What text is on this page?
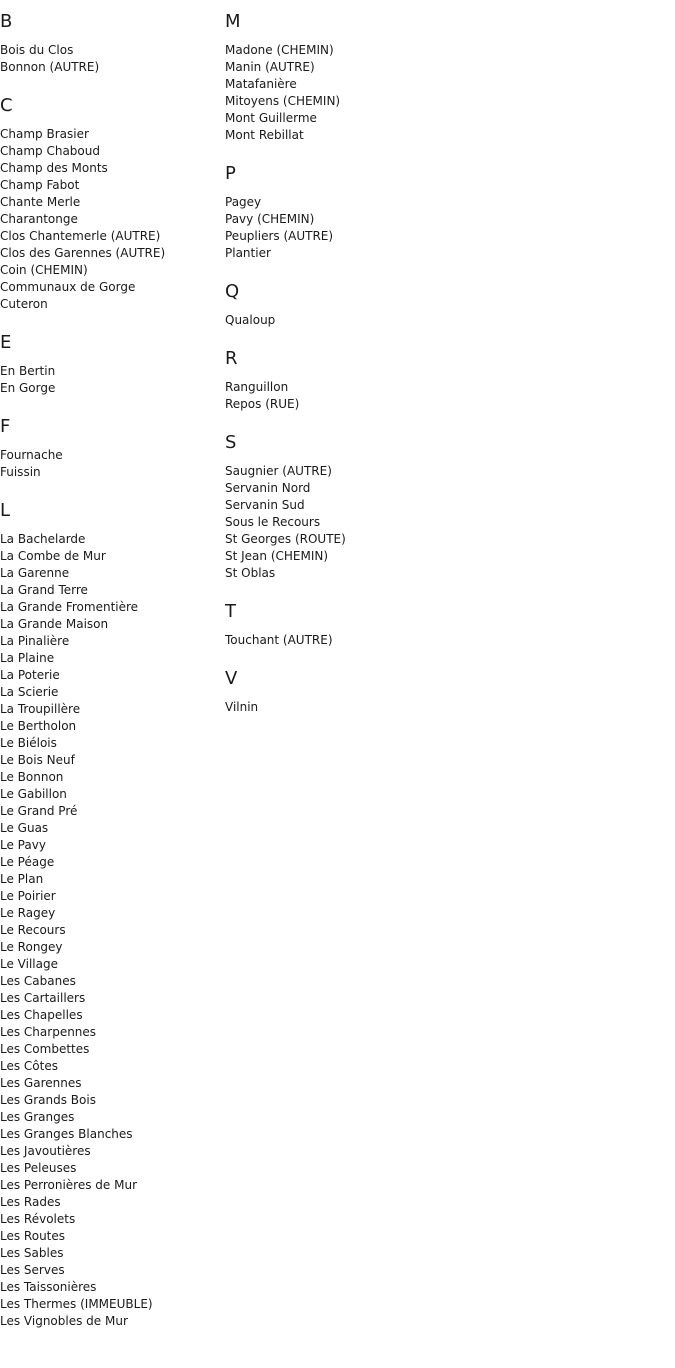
B
Bois du Clos
Bonnon (AUTRE)
C
Champ Brasier
Champ Chaboud
Champ des Monts
Champ Fabot
Chante Merle
Charantonge
Clos Chantemerle (AUTRE)
Clos des Garennes (AUTRE)
Coin (CHEMIN)
Communaux de Gorge
Cuteron
E
En Bertin
En Gorge
F
Fournache
Fuissin
L
La Bachelarde
La Combe de Mur
La Garenne
La Grand Terre
La Grande Fromentière
La Grande Maison
La Pinalière
La Plaine
La Poterie
La Scierie
La Troupillère
Le Bertholon
Le Biélois
Le Bois Neuf
Le Bonnon
Le Gabillon
Le Grand Pré
Le Guas
Le Pavy
Le Péage
Le Plan
Le Poirier
Le Ragey
Le Recours
Le Rongey
Le Village
Les Cabanes
Les Cartaillers
Les Chapelles
Les Charpennes
Les Combettes
Les Côtes
Les Garennes
Les Grands Bois
Les Granges
Les Granges Blanches
Les Javoutières
Les Peleuses
Les Perronières de Mur
Les Rades
Les Révolets
Les Routes
Les Sables
Les Serves
Les Taissonières
Les Thermes (IMMEUBLE)
Les Vignobles de Mur
M
Madone (CHEMIN)
Manin (AUTRE)
Matafanière
Mitoyens (CHEMIN)
Mont Guillerme
Mont Rebillat
P
Pagey
Pavy (CHEMIN)
Peupliers (AUTRE)
Plantier
Q
Qualoup
R
Ranguillon
Repos (RUE)
S
Saugnier (AUTRE)
Servanin Nord
Servanin Sud
Sous le Recours
St Georges (ROUTE)
St Jean (CHEMIN)
St Oblas
T
Touchant (AUTRE)
V
Vilnin
